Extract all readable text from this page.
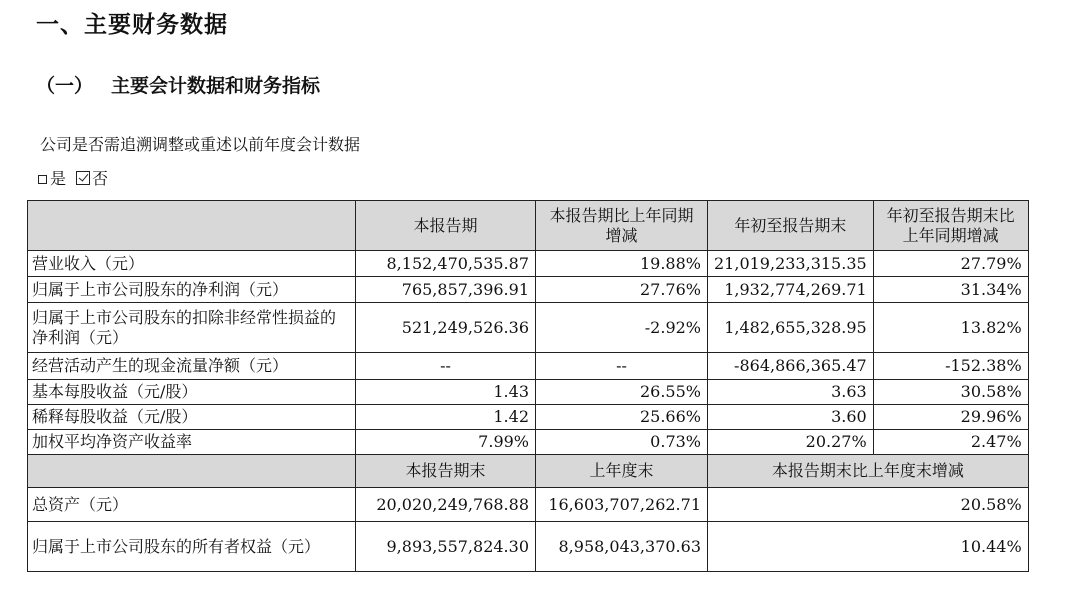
一、主要财务数据
（一） 主要会计数据和财务指标
公司是否需追溯调整或重述以前年度会计数据
是 否
	本报告期	本报告期比上年同期增减	年初至报告期末	年初至报告期末比上年同期增减
营业收入（元）	8,152,470,535.87	19.88%	21,019,233,315.35	27.79%
归属于上市公司股东的净利润（元）	765,857,396.91	27.76%	1,932,774,269.71	31.34%
归属于上市公司股东的扣除非经常性损益的净利润（元）	521,249,526.36	-2.92%	1,482,655,328.95	13.82%
经营活动产生的现金流量净额（元）	--	--	-864,866,365.47	-152.38%
基本每股收益（元/股）	1.43	26.55%	3.63	30.58%
稀释每股收益（元/股）	1.42	25.66%	3.60	29.96%
加权平均净资产收益率	7.99%	0.73%	20.27%	2.47%
	本报告期末	上年度末	本报告期末比上年度末增减	
总资产（元）	20,020,249,768.88	16,603,707,262.71	20.58%	
归属于上市公司股东的所有者权益（元）	9,893,557,824.30	8,958,043,370.63	10.44%	
